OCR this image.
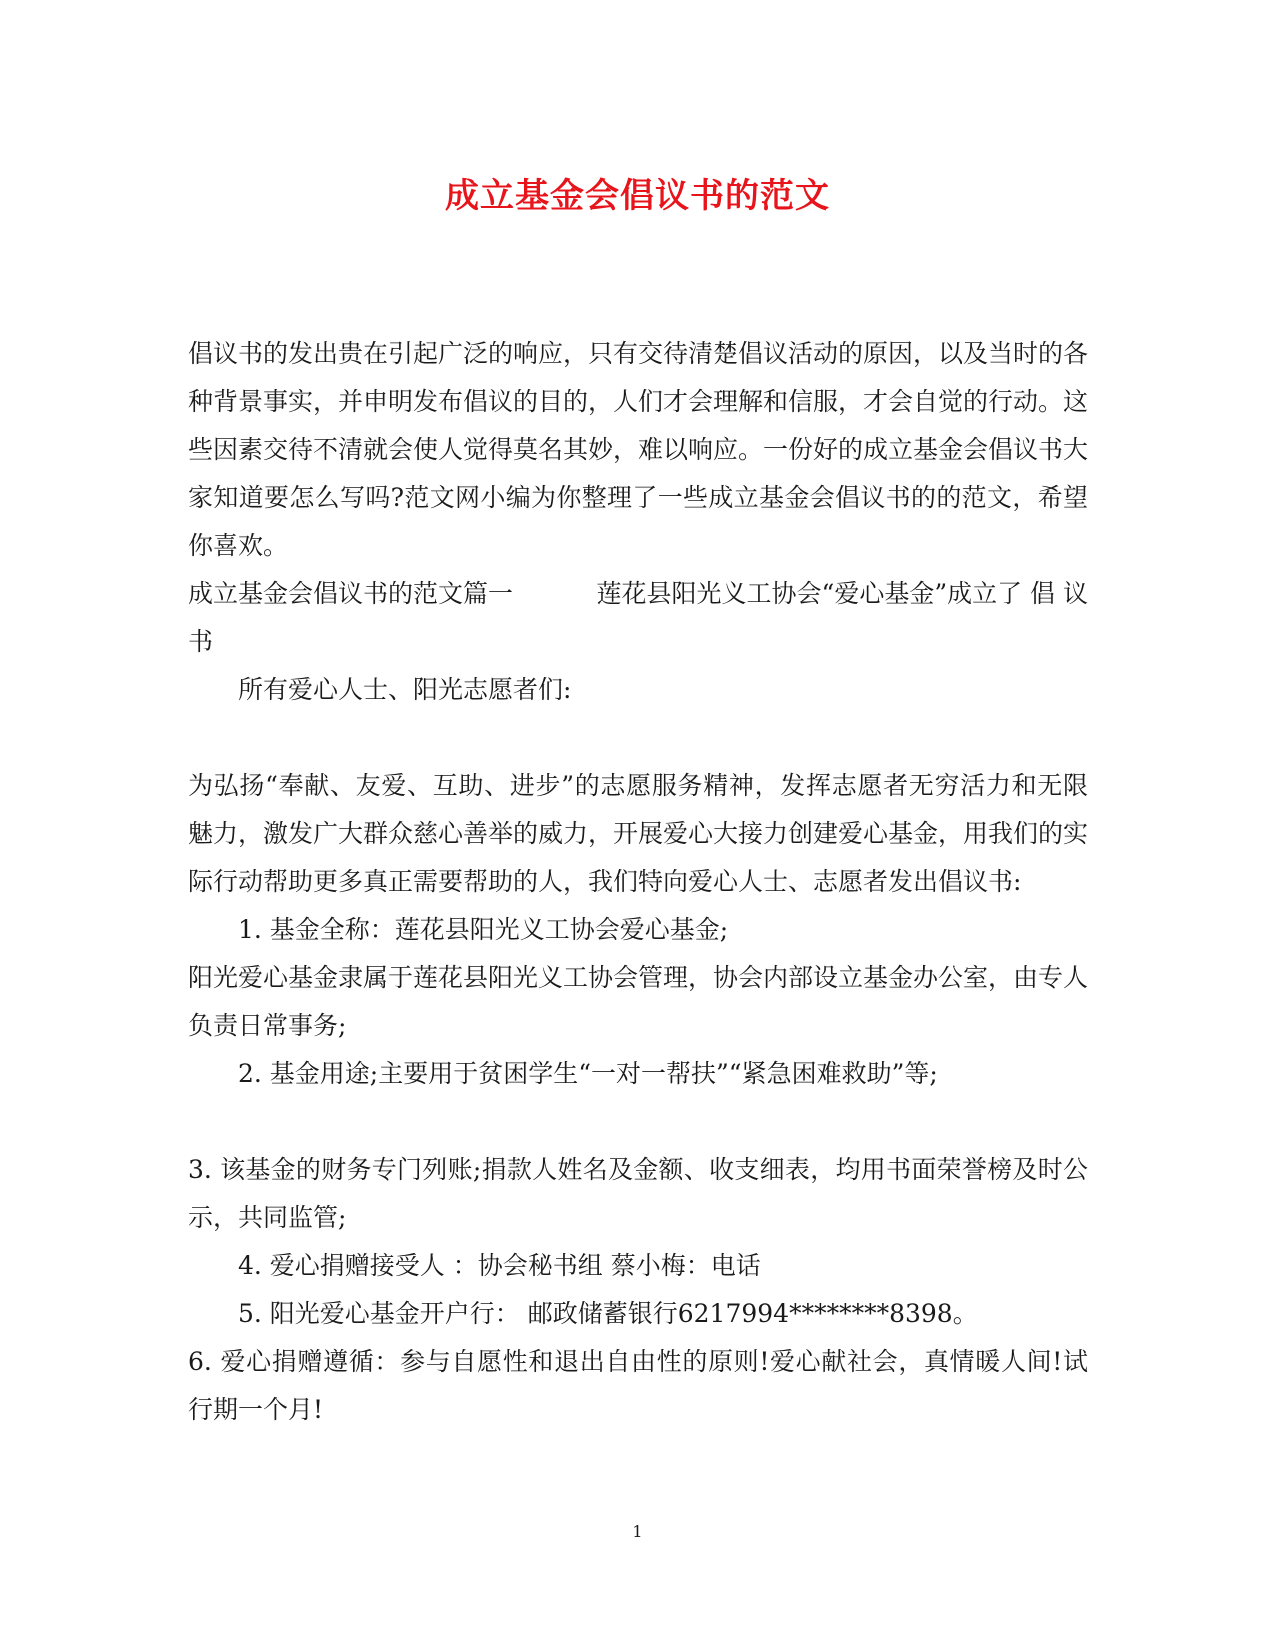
成立基金会倡议书的范文

倡议书的发出贵在引起广泛的响应，只有交待清楚倡议活动的原因，以及当时的各种背景事实，并申明发布倡议的目的，人们才会理解和信服，才会自觉的行动。这些因素交待不清就会使人觉得莫名其妙，难以响应。一份好的成立基金会倡议书大家知道要怎么写吗?范文网小编为你整理了一些成立基金会倡议书的的范文，希望你喜欢。

成立基金会倡议书的范文篇一	莲花县阳光义工协会“爱心基金”成立了 倡 议

书

所有爱心人士、阳光志愿者们:

为弘扬“奉献、友爱、互助、进步”的志愿服务精神，发挥志愿者无穷活力和无限魅力，激发广大群众慈心善举的威力，开展爱心大接力创建爱心基金，用我们的实际行动帮助更多真正需要帮助的人，我们特向爱心人士、志愿者发出倡议书:

1. 基金全称：莲花县阳光义工协会爱心基金;

阳光爱心基金隶属于莲花县阳光义工协会管理，协会内部设立基金办公室，由专人负责日常事务;

2. 基金用途;主要用于贫困学生“一对一帮扶”“紧急困难救助”等;

3. 该基金的财务专门列账;捐款人姓名及金额、收支细表，均用书面荣誉榜及时公示，共同监管;

4. 爱心捐赠接受人 ：协会秘书组 蔡小梅：电话

5. 阳光爱心基金开户行： 邮政储蓄银行6217994********8398。

6. 爱心捐赠遵循：参与自愿性和退出自由性的原则!爱心献社会，真情暖人间!试行期一个月!

1
